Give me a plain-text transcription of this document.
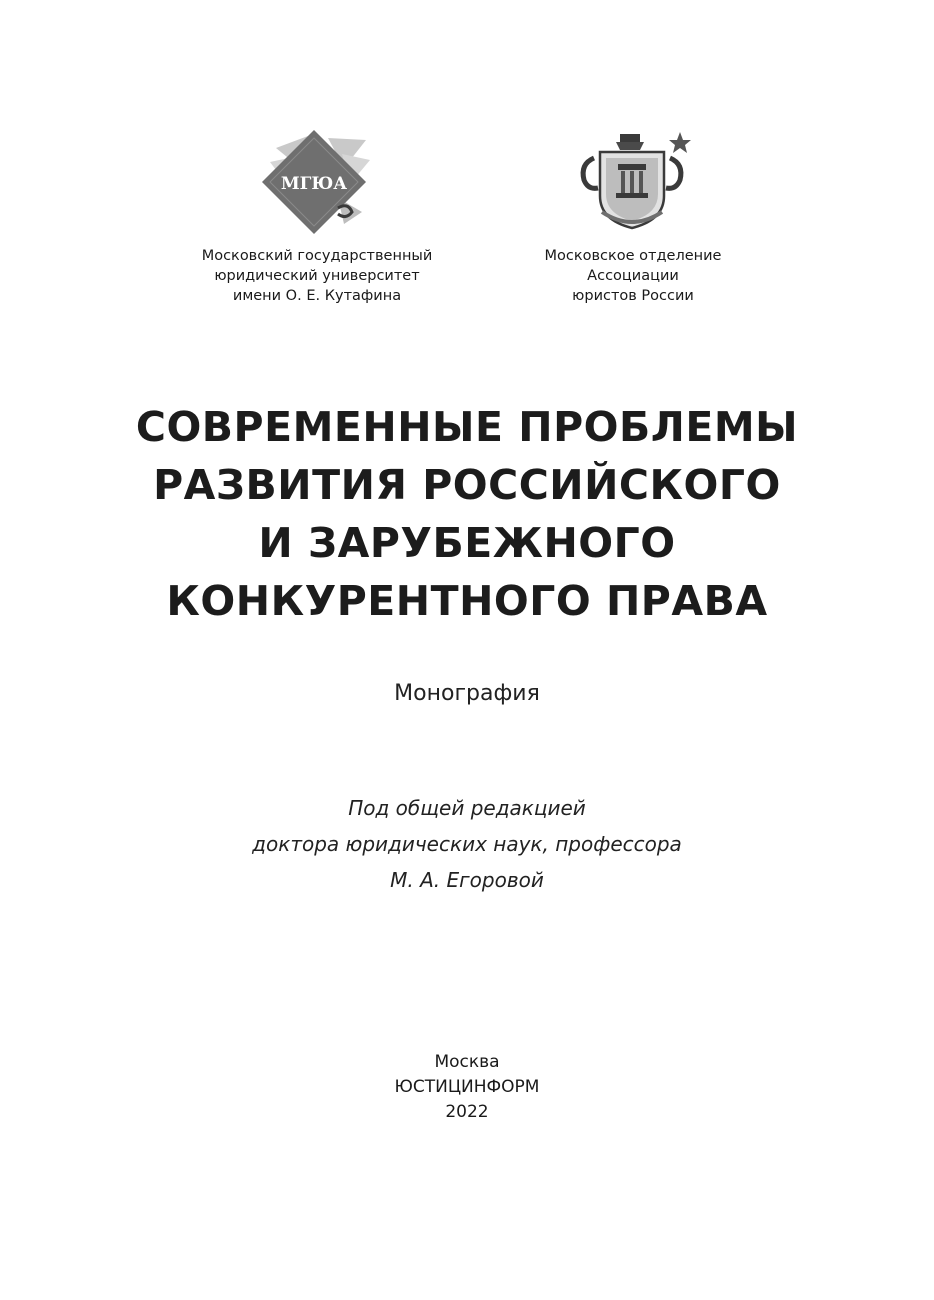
МГЮА
Московский государственный
юридический университет
имени О. Е. Кутафина
Московское отделение
Ассоциации
юристов России
СОВРЕМЕННЫЕ ПРОБЛЕМЫ
РАЗВИТИЯ РОССИЙСКОГО
И ЗАРУБЕЖНОГО
КОНКУРЕНТНОГО ПРАВА
Монография
Под общей редакцией
доктора юридических наук, профессора
М. А. Егоровой
Москва
ЮСТИЦИНФОРМ
2022
